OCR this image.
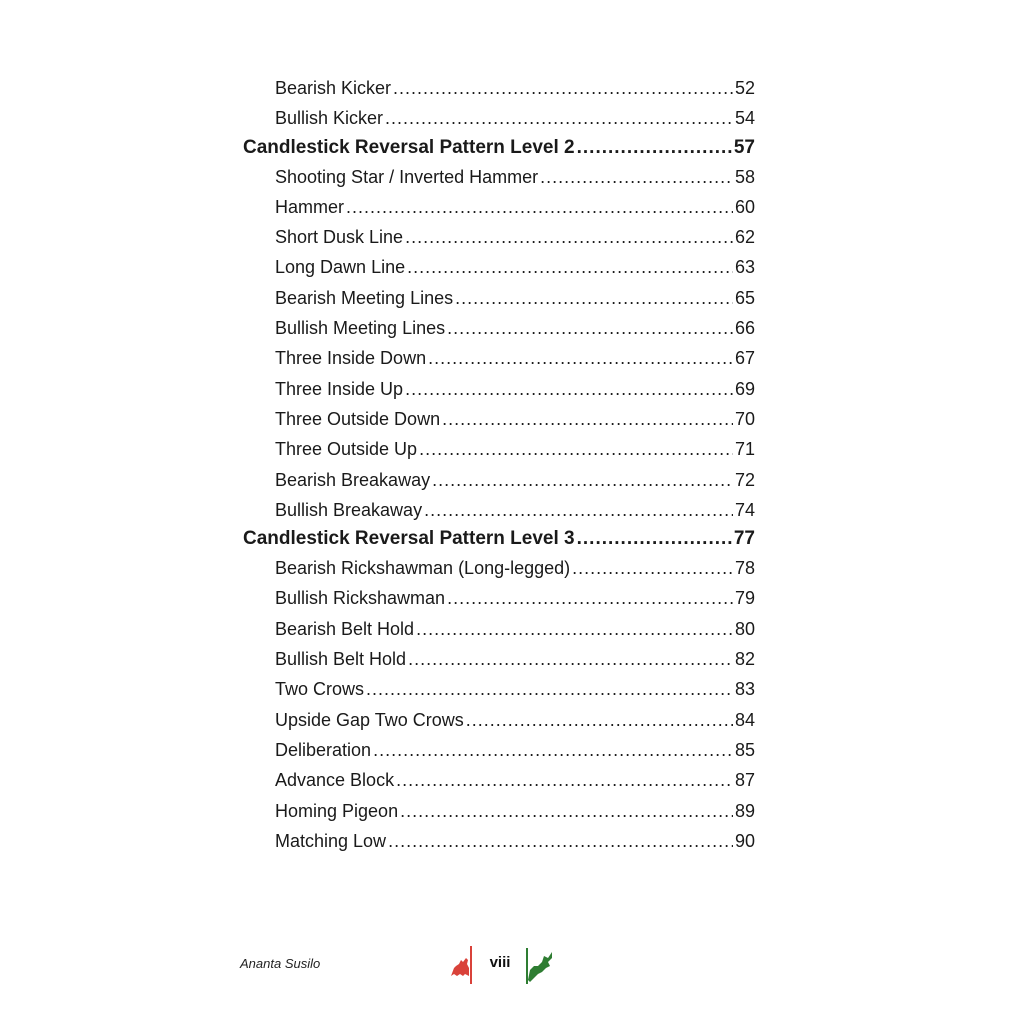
Bearish Kicker .....	52
Bullish Kicker .....	54
Candlestick Reversal Pattern Level 2 .....	57
Shooting Star / Inverted Hammer .....	58
Hammer .....	60
Short Dusk Line .....	62
Long Dawn Line .....	63
Bearish Meeting Lines .....	65
Bullish Meeting Lines .....	66
Three Inside Down .....	67
Three Inside Up .....	69
Three Outside Down .....	70
Three Outside Up .....	71
Bearish Breakaway .....	72
Bullish Breakaway .....	74
Candlestick Reversal Pattern Level 3 .....	77
Bearish Rickshawman (Long-legged) .....	78
Bullish Rickshawman .....	79
Bearish Belt Hold .....	80
Bullish Belt Hold .....	82
Two Crows .....	83
Upside Gap Two Crows .....	84
Deliberation .....	85
Advance Block .....	87
Homing Pigeon .....	89
Matching Low .....	90
Ananta Susilo	viii
